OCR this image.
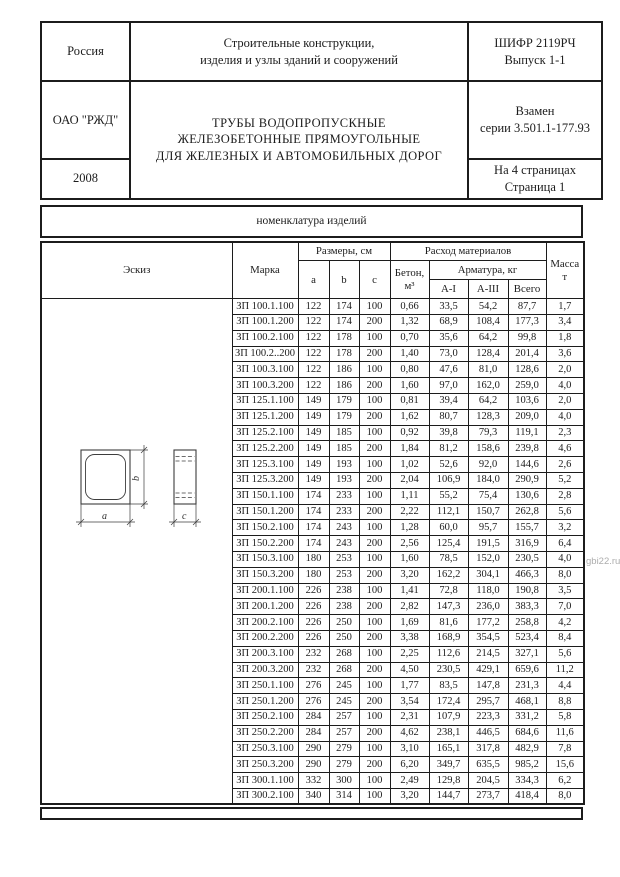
Россия	
Строительные конструкции,
изделия и узлы зданий и сооружений

ШИФР 2119РЧ
Выпуск 1-1

ОАО "РЖД"	ТРУБЫ ВОДОПРОПУСКНЫЕ
ЖЕЛЕЗОБЕТОННЫЕ ПРЯМОУГОЛЬНЫЕ
ДЛЯ ЖЕЛЕЗНЫХ И АВТОМОБИЛЬНЫХ ДОРОГ

Взамен
серии 3.501.1-177.93

2008		На 4 страницах
Страница 1
номенклатура изделий
Эскиз	Марка	Размеры, см			Расход материалов				Масса
т

		a	b	c	Бетон,
м³	Арматура, кг			
						А-I	А-III	Всего	

a
b
c	ЗП 100.1.100	122	174	100	0,66	33,5	54,2	87,7	1,7
	ЗП 100.1.200	122	174	200	1,32	68,9	108,4	177,3	3,4
	ЗП 100.2.100	122	178	100	0,70	35,6	64,2	99,8	1,8
	ЗП 100.2..200	122	178	200	1,40	73,0	128,4	201,4	3,6
	ЗП 100.3.100	122	186	100	0,80	47,6	81,0	128,6	2,0
	ЗП 100.3.200	122	186	200	1,60	97,0	162,0	259,0	4,0
	ЗП 125.1.100	149	179	100	0,81	39,4	64,2	103,6	2,0
	ЗП 125.1.200	149	179	200	1,62	80,7	128,3	209,0	4,0
	ЗП 125.2.100	149	185	100	0,92	39,8	79,3	119,1	2,3
	ЗП 125.2.200	149	185	200	1,84	81,2	158,6	239,8	4,6
	ЗП 125.3.100	149	193	100	1,02	52,6	92,0	144,6	2,6
	ЗП 125.3.200	149	193	200	2,04	106,9	184,0	290,9	5,2
	ЗП 150.1.100	174	233	100	1,11	55,2	75,4	130,6	2,8
	ЗП 150.1.200	174	233	200	2,22	112,1	150,7	262,8	5,6
	ЗП 150.2.100	174	243	100	1,28	60,0	95,7	155,7	3,2
	ЗП 150.2.200	174	243	200	2,56	125,4	191,5	316,9	6,4
	ЗП 150.3.100	180	253	100	1,60	78,5	152,0	230,5	4,0
	ЗП 150.3.200	180	253	200	3,20	162,2	304,1	466,3	8,0
	ЗП 200.1.100	226	238	100	1,41	72,8	118,0	190,8	3,5
	ЗП 200.1.200	226	238	200	2,82	147,3	236,0	383,3	7,0
	ЗП 200.2.100	226	250	100	1,69	81,6	177,2	258,8	4,2
	ЗП 200.2.200	226	250	200	3,38	168,9	354,5	523,4	8,4
	ЗП 200.3.100	232	268	100	2,25	112,6	214,5	327,1	5,6
	ЗП 200.3.200	232	268	200	4,50	230,5	429,1	659,6	11,2
	ЗП 250.1.100	276	245	100	1,77	83,5	147,8	231,3	4,4
	ЗП 250.1.200	276	245	200	3,54	172,4	295,7	468,1	8,8
	ЗП 250.2.100	284	257	100	2,31	107,9	223,3	331,2	5,8
	ЗП 250.2.200	284	257	200	4,62	238,1	446,5	684,6	11,6
	ЗП 250.3.100	290	279	100	3,10	165,1	317,8	482,9	7,8
	ЗП 250.3.200	290	279	200	6,20	349,7	635,5	985,2	15,6
	ЗП 300.1.100	332	300	100	2,49	129,8	204,5	334,3	6,2
	ЗП 300.2.100	340	314	100	3,20	144,7	273,7	418,4	8,0
gbi22.ru
